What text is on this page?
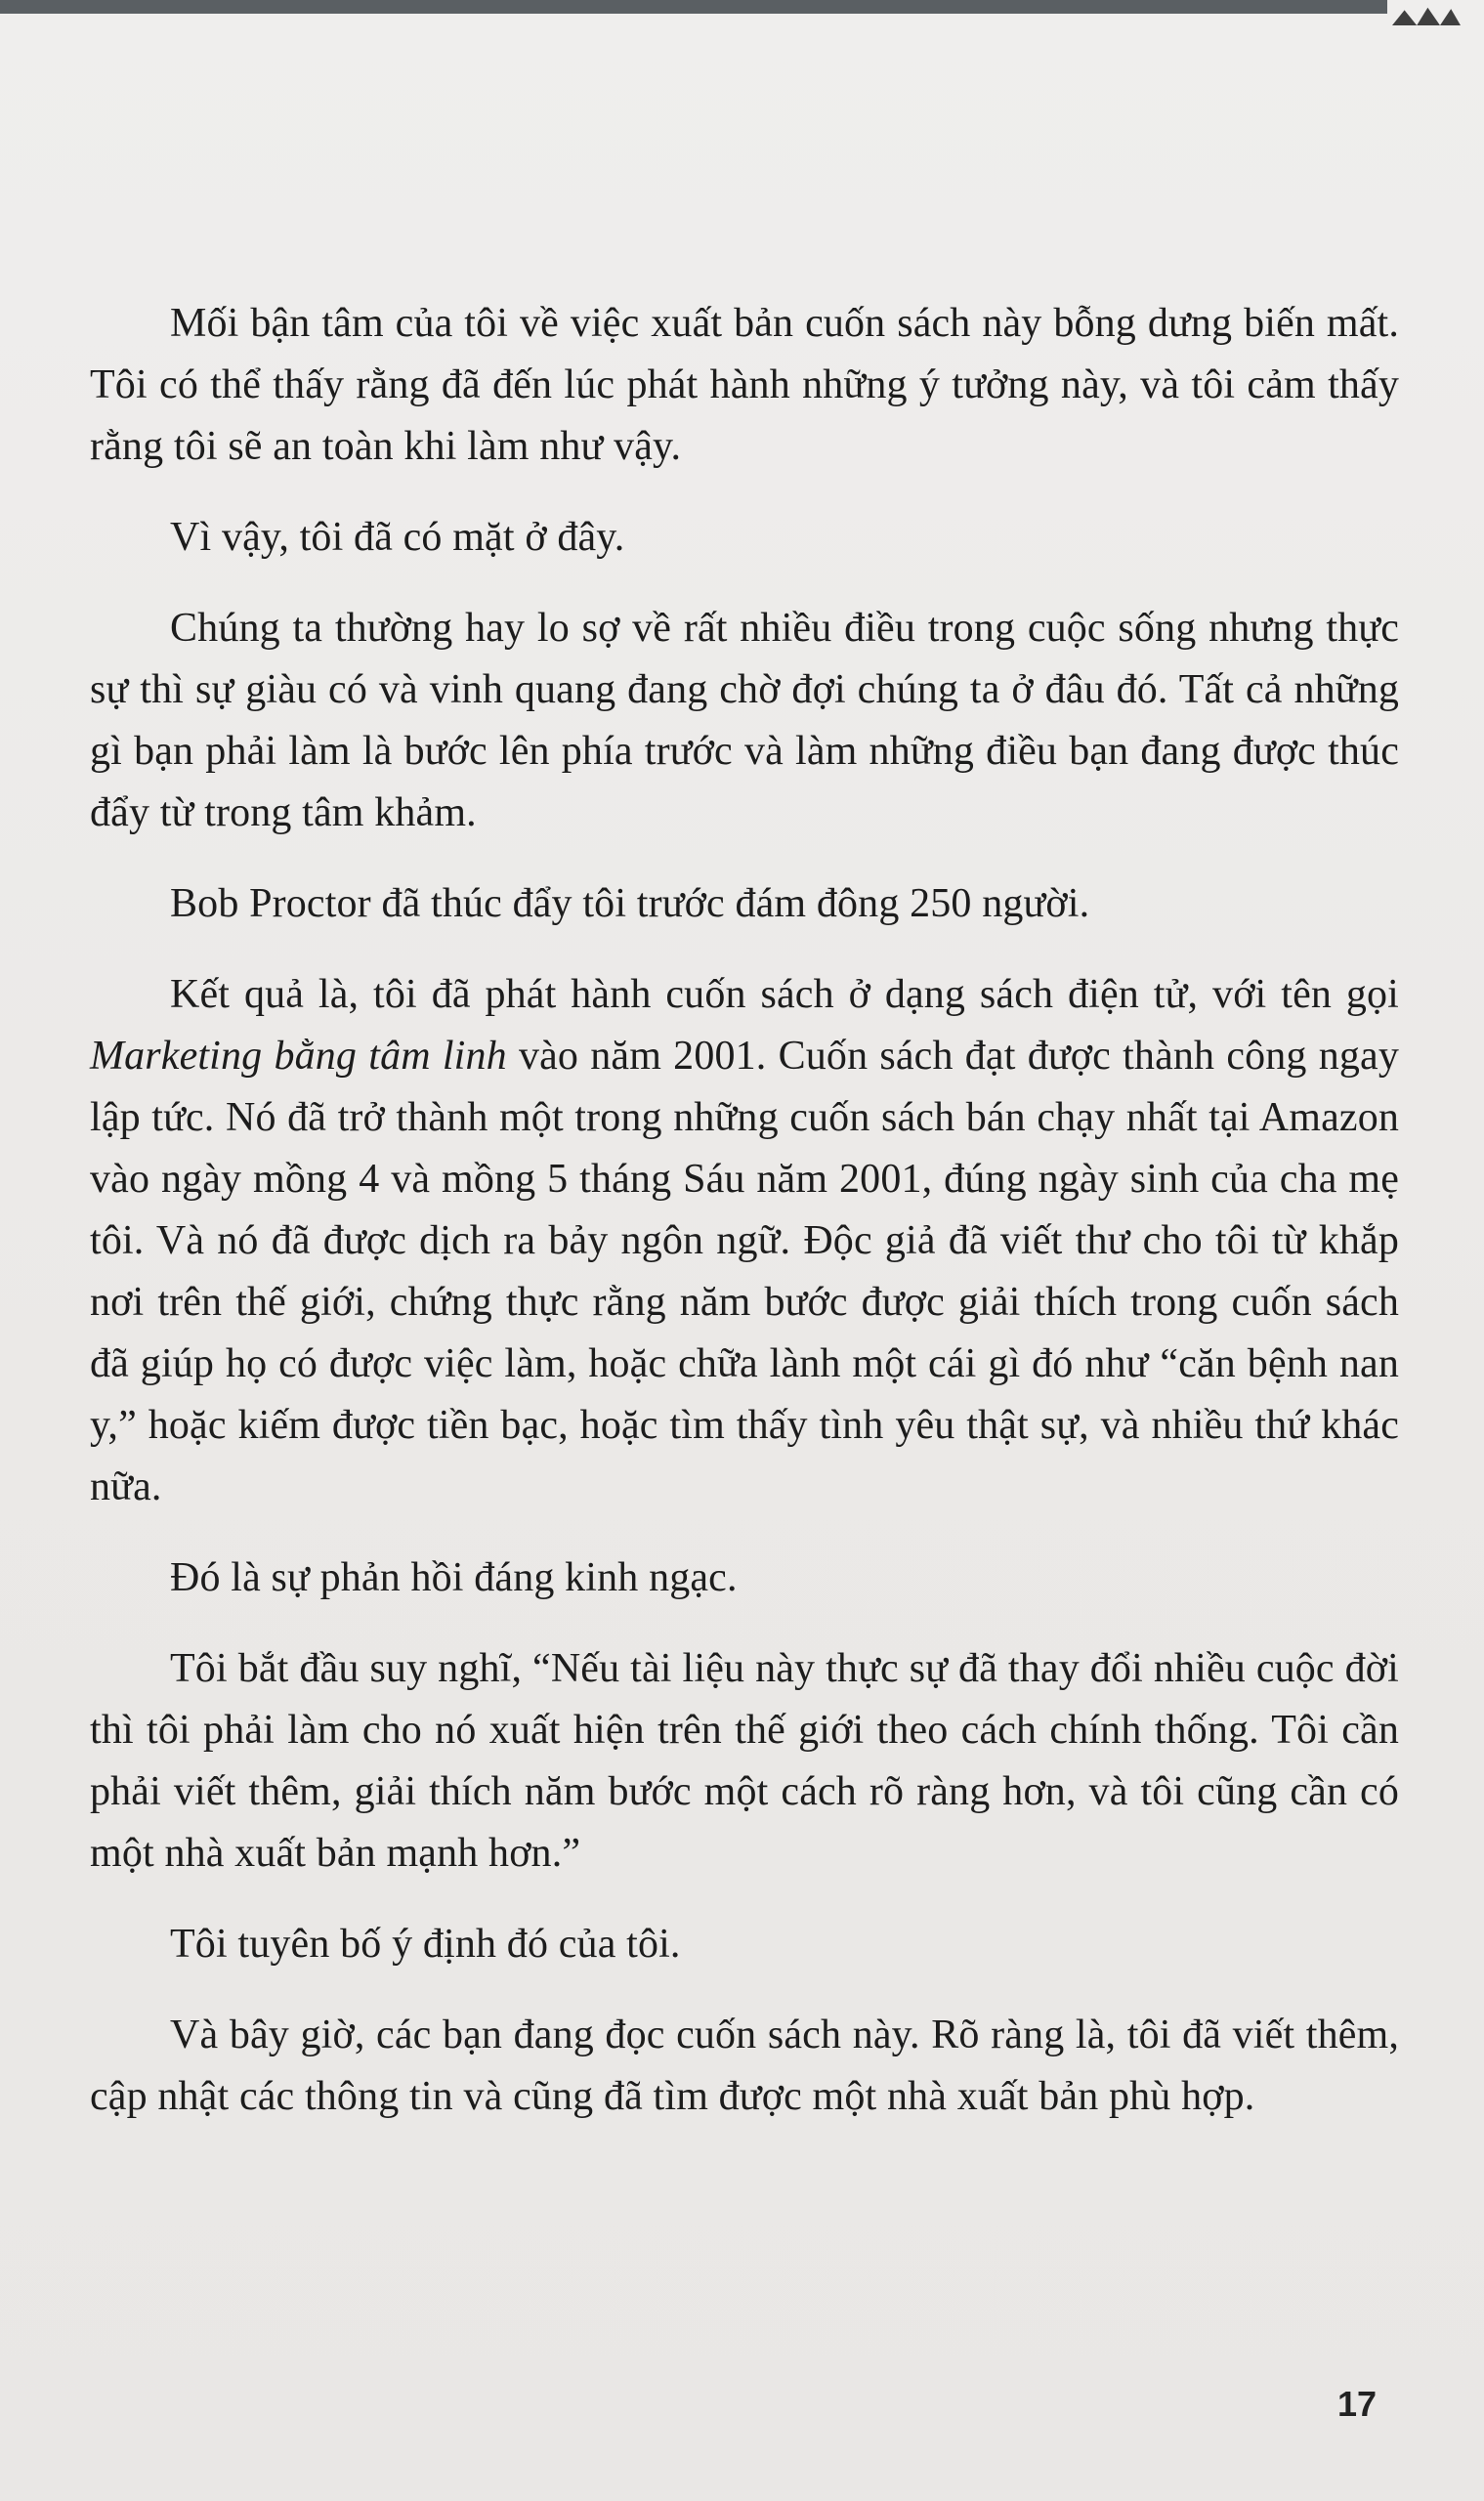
Mối bận tâm của tôi về việc xuất bản cuốn sách này bỗng dưng biến mất. Tôi có thể thấy rằng đã đến lúc phát hành những ý tưởng này, và tôi cảm thấy rằng tôi sẽ an toàn khi làm như vậy.

Vì vậy, tôi đã có mặt ở đây.

Chúng ta thường hay lo sợ về rất nhiều điều trong cuộc sống nhưng thực sự thì sự giàu có và vinh quang đang chờ đợi chúng ta ở đâu đó. Tất cả những gì bạn phải làm là bước lên phía trước và làm những điều bạn đang được thúc đẩy từ trong tâm khảm.

Bob Proctor đã thúc đẩy tôi trước đám đông 250 người.

Kết quả là, tôi đã phát hành cuốn sách ở dạng sách điện tử, với tên gọi Marketing bằng tâm linh vào năm 2001. Cuốn sách đạt được thành công ngay lập tức. Nó đã trở thành một trong những cuốn sách bán chạy nhất tại Amazon vào ngày mồng 4 và mồng 5 tháng Sáu năm 2001, đúng ngày sinh của cha mẹ tôi. Và nó đã được dịch ra bảy ngôn ngữ. Độc giả đã viết thư cho tôi từ khắp nơi trên thế giới, chứng thực rằng năm bước được giải thích trong cuốn sách đã giúp họ có được việc làm, hoặc chữa lành một cái gì đó như “căn bệnh nan y,” hoặc kiếm được tiền bạc, hoặc tìm thấy tình yêu thật sự, và nhiều thứ khác nữa.

Đó là sự phản hồi đáng kinh ngạc.

Tôi bắt đầu suy nghĩ, “Nếu tài liệu này thực sự đã thay đổi nhiều cuộc đời thì tôi phải làm cho nó xuất hiện trên thế giới theo cách chính thống. Tôi cần phải viết thêm, giải thích năm bước một cách rõ ràng hơn, và tôi cũng cần có một nhà xuất bản mạnh hơn.”

Tôi tuyên bố ý định đó của tôi.

Và bây giờ, các bạn đang đọc cuốn sách này. Rõ ràng là, tôi đã viết thêm, cập nhật các thông tin và cũng đã tìm được một nhà xuất bản phù hợp.

17
